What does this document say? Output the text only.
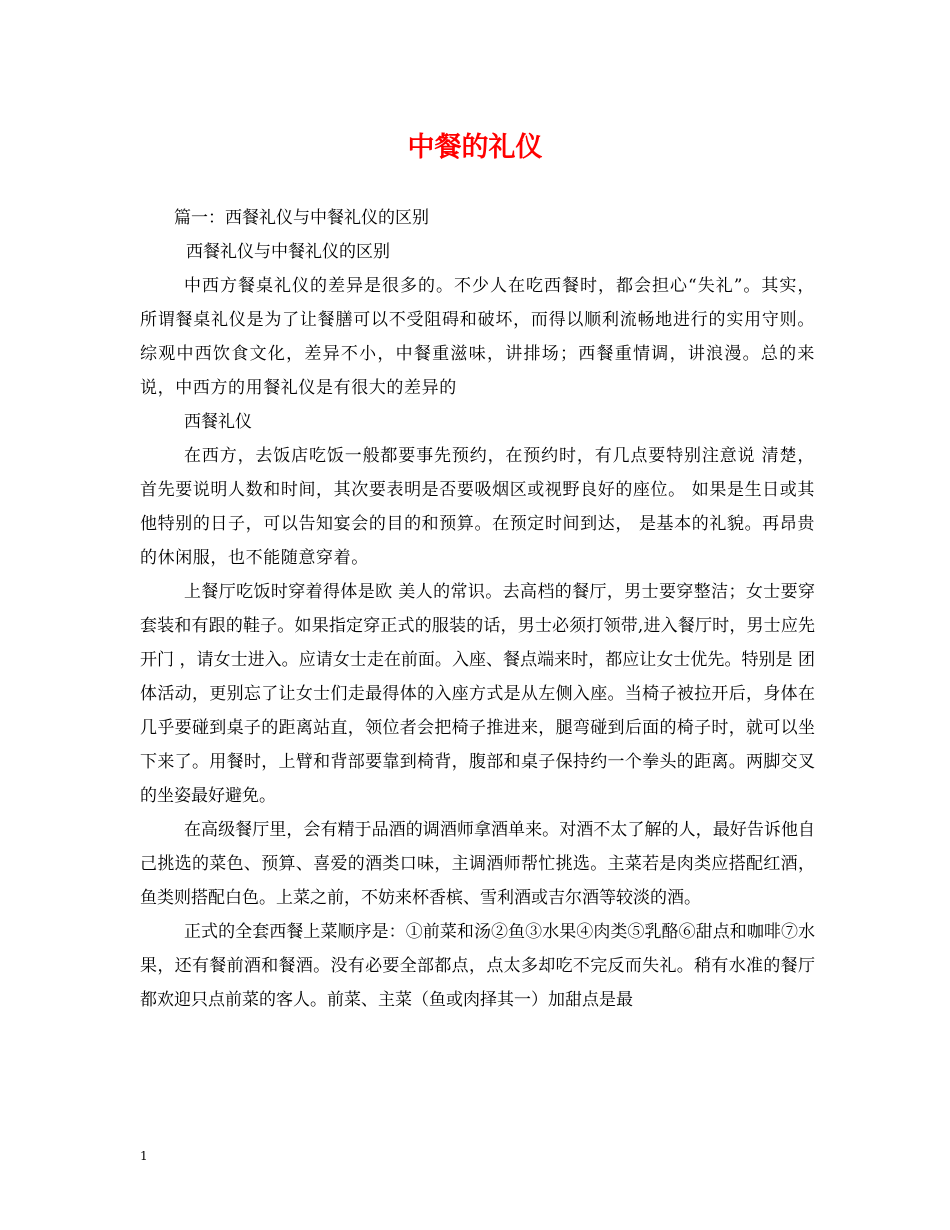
中餐的礼仪

篇一：西餐礼仪与中餐礼仪的区别

西餐礼仪与中餐礼仪的区别

中西方餐桌礼仪的差异是很多的。不少人在吃西餐时，都会担心“失礼”。其实，所谓餐桌礼仪是为了让餐膳可以不受阻碍和破坏，而得以顺利流畅地进行的实用守则。综观中西饮食文化，差异不小，中餐重滋味，讲排场；西餐重情调，讲浪漫。总的来说，中西方的用餐礼仪是有很大的差异的

西餐礼仪

在西方，去饭店吃饭一般都要事先预约，在预约时，有几点要特别注意说 清楚，首先要说明人数和时间，其次要表明是否要吸烟区或视野良好的座位。 如果是生日或其他特别的日子，可以告知宴会的目的和预算。在预定时间到达， 是基本的礼貌。再昂贵的休闲服，也不能随意穿着。

上餐厅吃饭时穿着得体是欧 美人的常识。去高档的餐厅，男士要穿整洁；女士要穿套装和有跟的鞋子。如果指定穿正式的服装的话，男士必须打领带,进入餐厅时，男士应先开门 ，请女士进入。应请女士走在前面。入座、餐点端来时，都应让女士优先。特别是 团体活动，更别忘了让女士们走最得体的入座方式是从左侧入座。当椅子被拉开后，身体在几乎要碰到桌子的距离站直，领位者会把椅子推进来，腿弯碰到后面的椅子时，就可以坐下来了。用餐时，上臂和背部要靠到椅背，腹部和桌子保持约一个拳头的距离。两脚交叉的坐姿最好避免。

在高级餐厅里，会有精于品酒的调酒师拿酒单来。对酒不太了解的人，最好告诉他自己挑选的菜色、预算、喜爱的酒类口味，主调酒师帮忙挑选。主菜若是肉类应搭配红酒，鱼类则搭配白色。上菜之前，不妨来杯香槟、雪利酒或吉尔酒等较淡的酒。

正式的全套西餐上菜顺序是：①前菜和汤②鱼③水果④肉类⑤乳酪⑥甜点和咖啡⑦水果，还有餐前酒和餐酒。没有必要全部都点，点太多却吃不完反而失礼。稍有水准的餐厅都欢迎只点前菜的客人。前菜、主菜（鱼或肉择其一）加甜点是最

1
